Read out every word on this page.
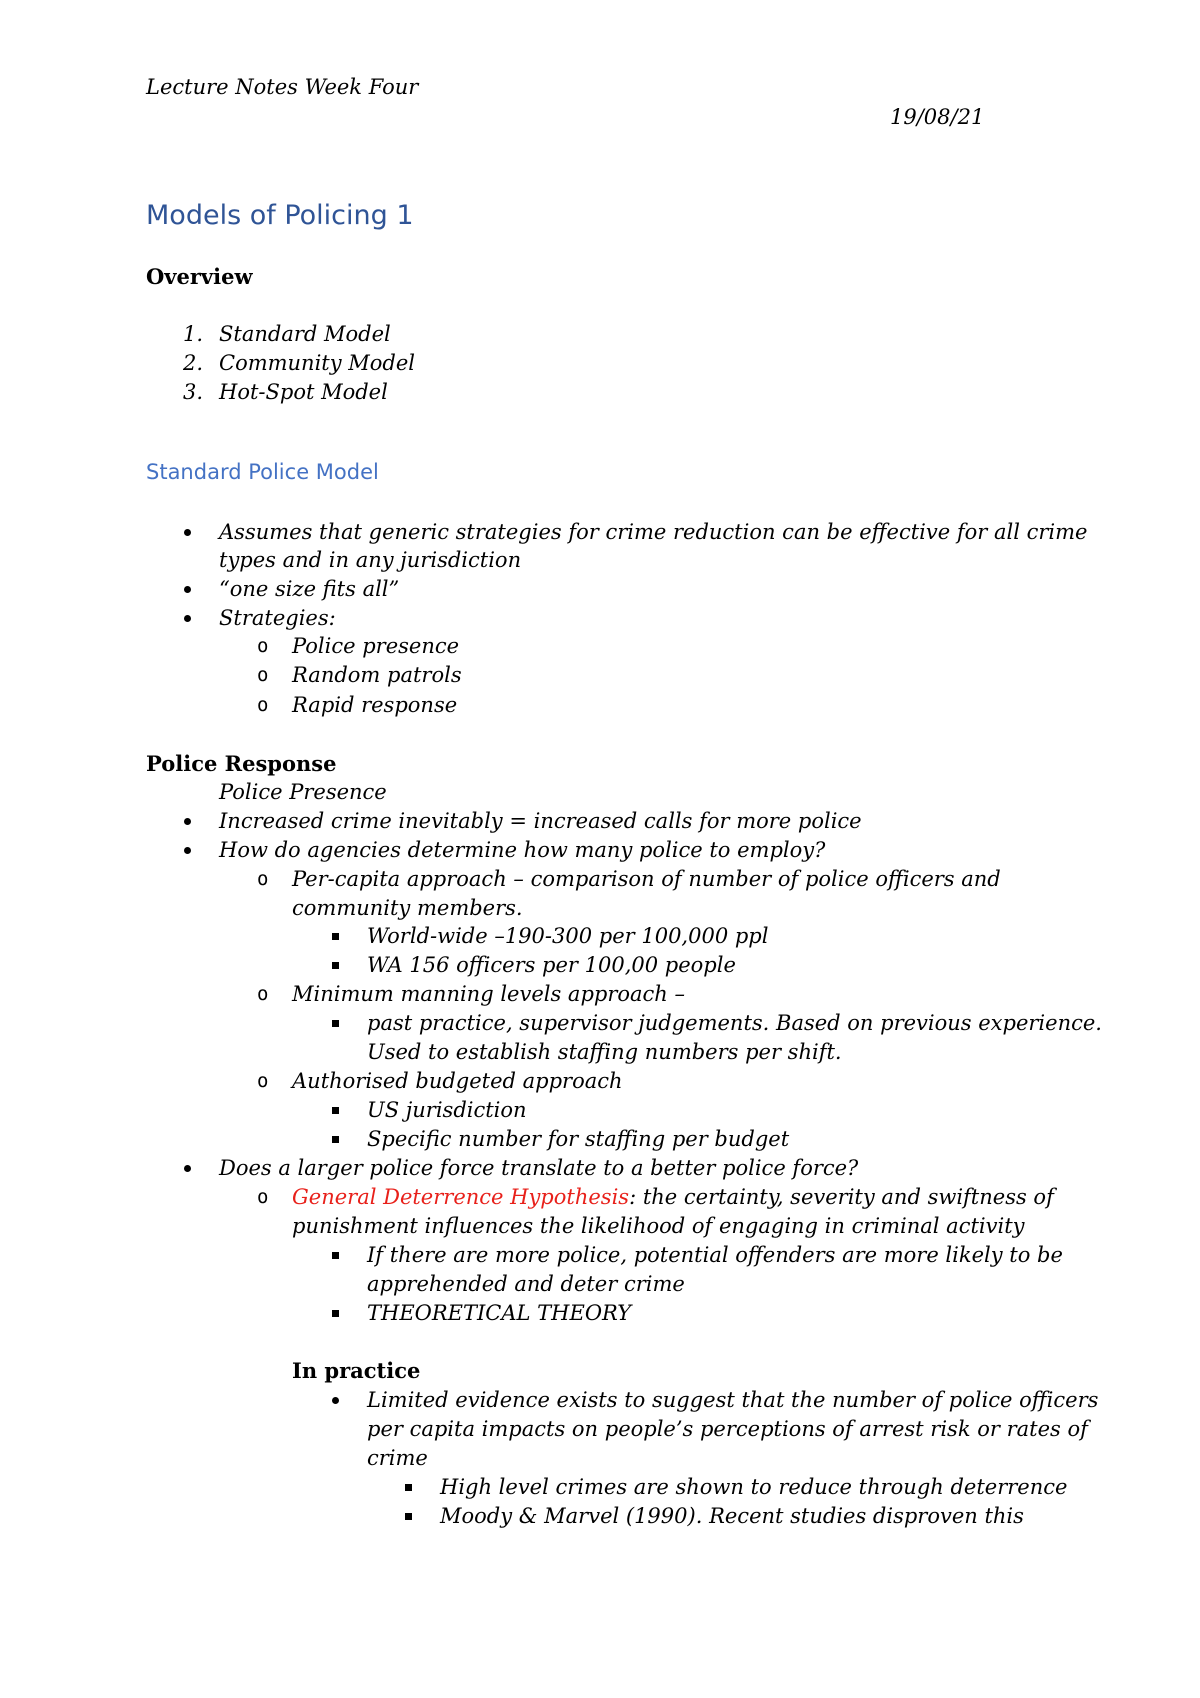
Lecture Notes Week Four
19/08/21
Models of Policing 1
Overview
1. Standard Model
2. Community Model
3. Hot-Spot Model
Standard Police Model
Assumes that generic strategies for crime reduction can be effective for all crime
types and in any jurisdiction
“one size fits all”
Strategies:
o Police presence
o Random patrols
o Rapid response
Police Response
Police Presence
Increased crime inevitably = increased calls for more police
How do agencies determine how many police to employ?
o Per-capita approach – comparison of number of police officers and
community members.
World-wide –190-300 per 100,000 ppl
WA 156 officers per 100,00 people
o Minimum manning levels approach –
past practice, supervisor judgements. Based on previous experience.
Used to establish staffing numbers per shift.
o Authorised budgeted approach
US jurisdiction
Specific number for staffing per budget
Does a larger police force translate to a better police force?
o General Deterrence Hypothesis: the certainty, severity and swiftness of
punishment influences the likelihood of engaging in criminal activity
If there are more police, potential offenders are more likely to be
apprehended and deter crime
THEORETICAL THEORY
In practice
Limited evidence exists to suggest that the number of police officers
per capita impacts on people’s perceptions of arrest risk or rates of
crime
High level crimes are shown to reduce through deterrence
Moody & Marvel (1990). Recent studies disproven this
